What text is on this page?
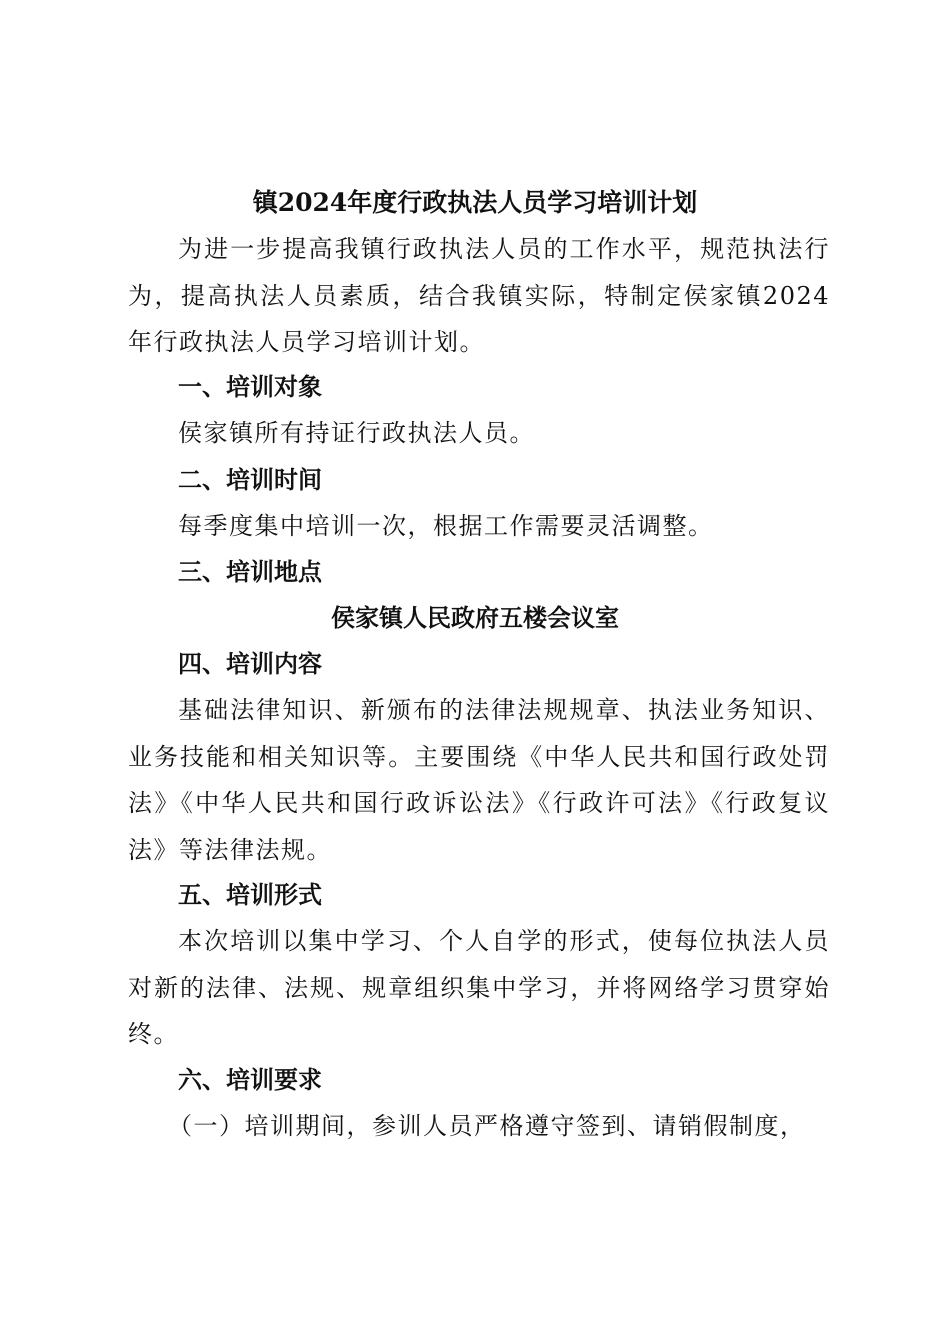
镇2024年度行政执法人员学习培训计划

为进一步提高我镇行政执法人员的工作水平，规范执法行为，提高执法人员素质，结合我镇实际，特制定侯家镇2024年行政执法人员学习培训计划。

一、培训对象

侯家镇所有持证行政执法人员。

二、培训时间

每季度集中培训一次，根据工作需要灵活调整。

三、培训地点
侯家镇人民政府五楼会议室
四、培训内容

基础法律知识、新颁布的法律法规规章、执法业务知识、业务技能和相关知识等。主要围绕《中华人民共和国行政处罚法》《中华人民共和国行政诉讼法》《行政许可法》《行政复议法》等法律法规。

五、培训形式

本次培训以集中学习、个人自学的形式，使每位执法人员对新的法律、法规、规章组织集中学习，并将网络学习贯穿始终。

六、培训要求

（一）培训期间，参训人员严格遵守签到、请销假制度，
